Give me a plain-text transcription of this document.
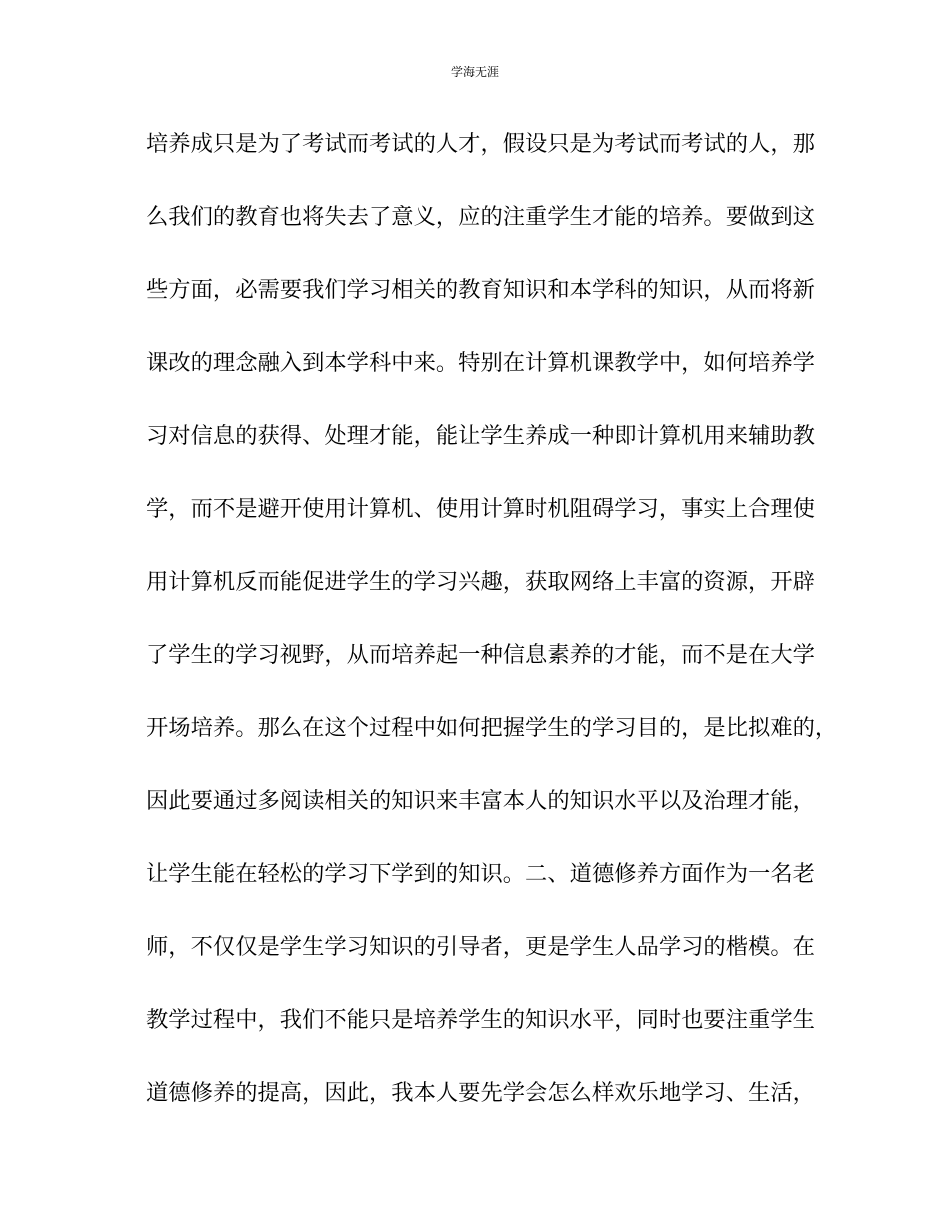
学海无涯
培养成只是为了考试而考试的人才，假设只是为考试而考试的人，那
么我们的教育也将失去了意义，应的注重学生才能的培养。要做到这
些方面，必需要我们学习相关的教育知识和本学科的知识，从而将新
课改的理念融入到本学科中来。特别在计算机课教学中，如何培养学
习对信息的获得、处理才能，能让学生养成一种即计算机用来辅助教
学，而不是避开使用计算机、使用计算时机阻碍学习，事实上合理使
用计算机反而能促进学生的学习兴趣，获取网络上丰富的资源，开辟
了学生的学习视野，从而培养起一种信息素养的才能，而不是在大学
开场培养。那么在这个过程中如何把握学生的学习目的，是比拟难的，
因此要通过多阅读相关的知识来丰富本人的知识水平以及治理才能，
让学生能在轻松的学习下学到的知识。二、道德修养方面作为一名老
师，不仅仅是学生学习知识的引导者，更是学生人品学习的楷模。在
教学过程中，我们不能只是培养学生的知识水平，同时也要注重学生
道德修养的提高，因此，我本人要先学会怎么样欢乐地学习、生活，
